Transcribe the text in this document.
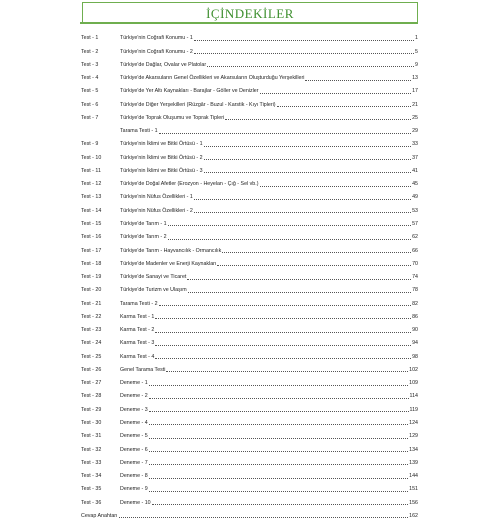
İÇİNDEKİLER
Test - 1	Türkiye'nin Coğrafi Konumu - 1	1
Test - 2	Türkiye'nin Coğrafi Konumu - 2	5
Test - 3	Türkiye'de Dağlar, Ovalar ve Platolar	9
Test - 4	Türkiye'de Akarsuların Genel Özellikleri ve Akarsuların Oluşturduğu Yerşekilleri	13
Test - 5	Türkiye'de Yer Altı Kaynakları - Barajlar - Göller ve Denizler	17
Test - 6	Türkiye'de Diğer Yerşekilleri (Rüzgâr - Buzul - Karstik - Kıyı Tipleri)	21
Test - 7	Türkiye'de Toprak Oluşumu ve Toprak Tipleri	25
Tarama Testi - 1	29
Test - 9	Türkiye'nin İklimi ve Bitki Örtüsü - 1	33
Test - 10	Türkiye'nin İklimi ve Bitki Örtüsü - 2	37
Test - 11	Türkiye'nin İklimi ve Bitki Örtüsü - 3	41
Test - 12	Türkiye'de Doğal Afetler (Erozyon - Heyelan - Çığ - Sel vb.)	45
Test - 13	Türkiye'nin Nüfus Özellikleri - 1	49
Test - 14	Türkiye'nin Nüfus Özellikleri - 2	53
Test - 15	Türkiye'de Tarım - 1	57
Test - 16	Türkiye'de Tarım - 2	62
Test - 17	Türkiye'de Tarım - Hayvancılık - Ormancılık	66
Test - 18	Türkiye'de Madenler ve Enerji Kaynakları	70
Test - 19	Türkiye'de Sanayi ve Ticaret	74
Test - 20	Türkiye'de Turizm ve Ulaşım	78
Test - 21	Tarama Testi - 2	82
Test - 22	Karma Test - 1	86
Test - 23	Karma Test - 2	90
Test - 24	Karma Test - 3	94
Test - 25	Karma Test - 4	98
Test - 26	Genel Tarama Testi	102
Test - 27	Deneme - 1	109
Test - 28	Deneme - 2	114
Test - 29	Deneme - 3	119
Test - 30	Deneme - 4	124
Test - 31	Deneme - 5	129
Test - 32	Deneme - 6	134
Test - 33	Deneme - 7	139
Test - 34	Deneme - 8	144
Test - 35	Deneme - 9	151
Test - 36	Deneme - 10	156
Cevap Anahtarı	162
